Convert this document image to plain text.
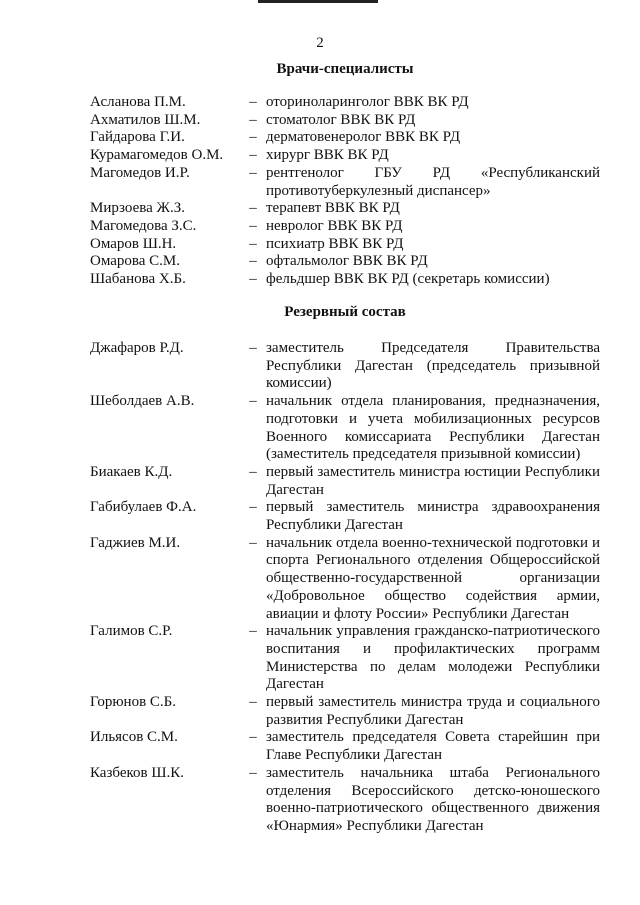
2
Врачи-специалисты
Асланова П.М.	– оториноларинголог ВВК ВК РД
Ахматилов Ш.М.	– стоматолог ВВК ВК РД
Гайдарова Г.И.	– дерматовенеролог ВВК ВК РД
Курамагомедов О.М.	– хирург ВВК ВК РД
Магомедов И.Р.	– рентгенолог ГБУ РД «Республиканский противотуберкулезный диспансер»
Мирзоева Ж.З.	– терапевт ВВК ВК РД
Магомедова З.С.	– невролог ВВК ВК РД
Омаров Ш.Н.	– психиатр ВВК ВК РД
Омарова С.М.	– офтальмолог ВВК ВК РД
Шабанова Х.Б.	– фельдшер ВВК ВК РД (секретарь комиссии)
Резервный состав
Джафаров Р.Д.	– заместитель Председателя Правительства Республики Дагестан (председатель призывной комиссии)
Шеболдаев А.В.	– начальник отдела планирования, предназначения, подготовки и учета мобилизационных ресурсов Военного комиссариата Республики Дагестан (заместитель председателя призывной комиссии)
Биакаев К.Д.	– первый заместитель министра юстиции Республики Дагестан
Габибулаев Ф.А.	– первый заместитель министра здравоохранения Республики Дагестан
Гаджиев М.И.	– начальник отдела военно-технической подготовки и спорта Регионального отделения Общероссийской общественно-государственной организации «Добровольное общество содействия армии, авиации и флоту России» Республики Дагестан
Галимов С.Р.	– начальник управления гражданско-патриотического воспитания и профилактических программ Министерства по делам молодежи Республики Дагестан
Горюнов С.Б.	– первый заместитель министра труда и социального развития Республики Дагестан
Ильясов С.М.	– заместитель председателя Совета старейшин при Главе Республики Дагестан
Казбеков Ш.К.	– заместитель начальника штаба Регионального отделения Всероссийского детско-юношеского военно-патриотического общественного движения «Юнармия» Республики Дагестан
